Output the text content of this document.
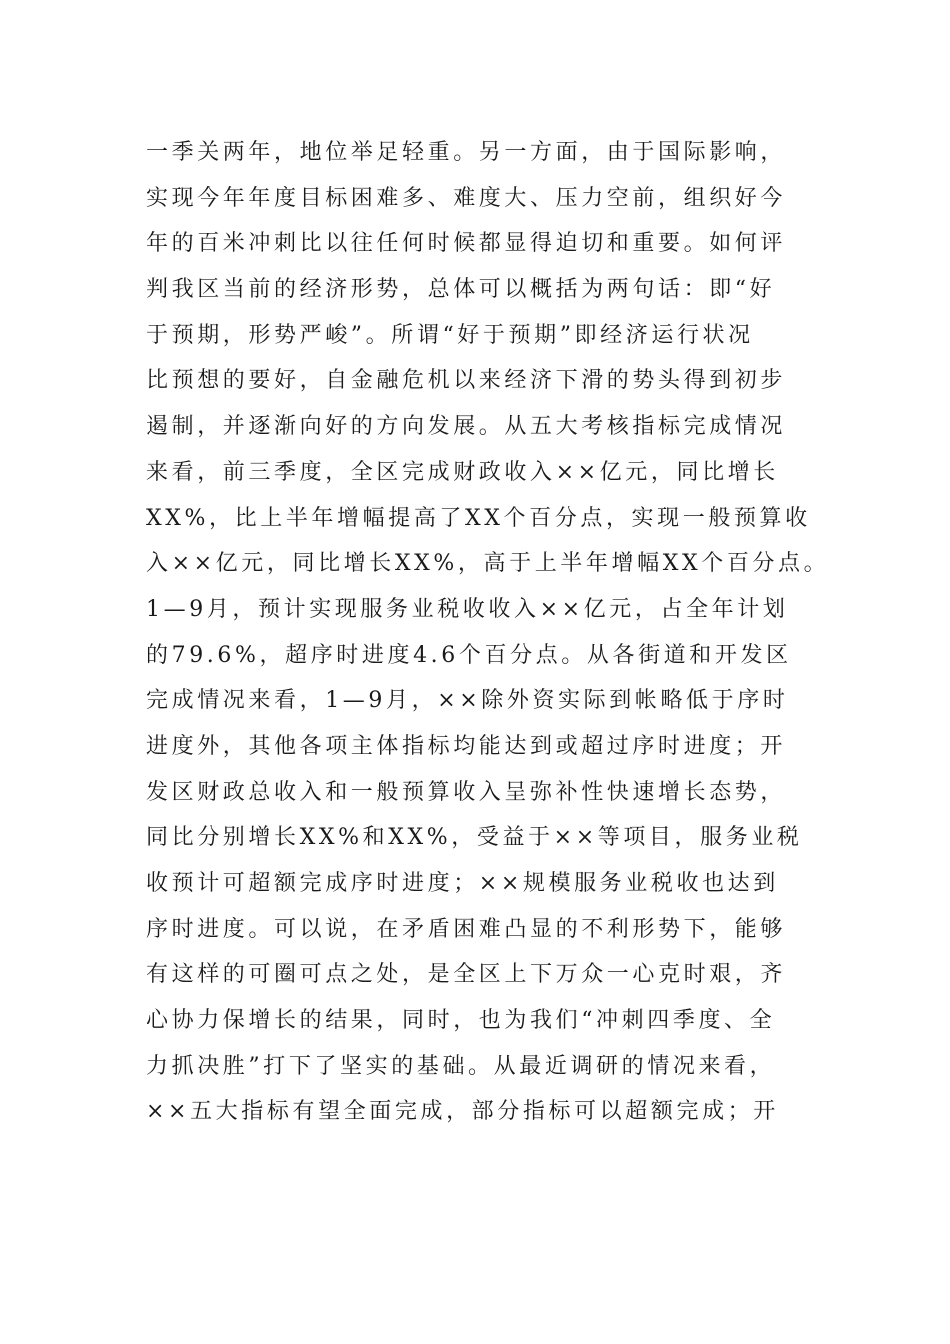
一季关两年，地位举足轻重。另一方面，由于国际影响，
实现今年年度目标困难多、难度大、压力空前，组织好今
年的百米冲刺比以往任何时候都显得迫切和重要。如何评
判我区当前的经济形势，总体可以概括为两句话：即“好
于预期，形势严峻”。所谓“好于预期”即经济运行状况
比预想的要好，自金融危机以来经济下滑的势头得到初步
遏制，并逐渐向好的方向发展。从五大考核指标完成情况
来看，前三季度，全区完成财政收入××亿元，同比增长
XX%，比上半年增幅提高了XX个百分点，实现一般预算收
入××亿元，同比增长XX%，高于上半年增幅XX个百分点。
1—9月，预计实现服务业税收收入××亿元，占全年计划
的79.6%，超序时进度4.6个百分点。从各街道和开发区
完成情况来看，1—9月，××除外资实际到帐略低于序时
进度外，其他各项主体指标均能达到或超过序时进度；开
发区财政总收入和一般预算收入呈弥补性快速增长态势，
同比分别增长XX%和XX%，受益于××等项目，服务业税
收预计可超额完成序时进度；××规模服务业税收也达到
序时进度。可以说，在矛盾困难凸显的不利形势下，能够
有这样的可圈可点之处，是全区上下万众一心克时艰，齐
心协力保增长的结果，同时，也为我们“冲刺四季度、全
力抓决胜”打下了坚实的基础。从最近调研的情况来看，
××五大指标有望全面完成，部分指标可以超额完成；开
